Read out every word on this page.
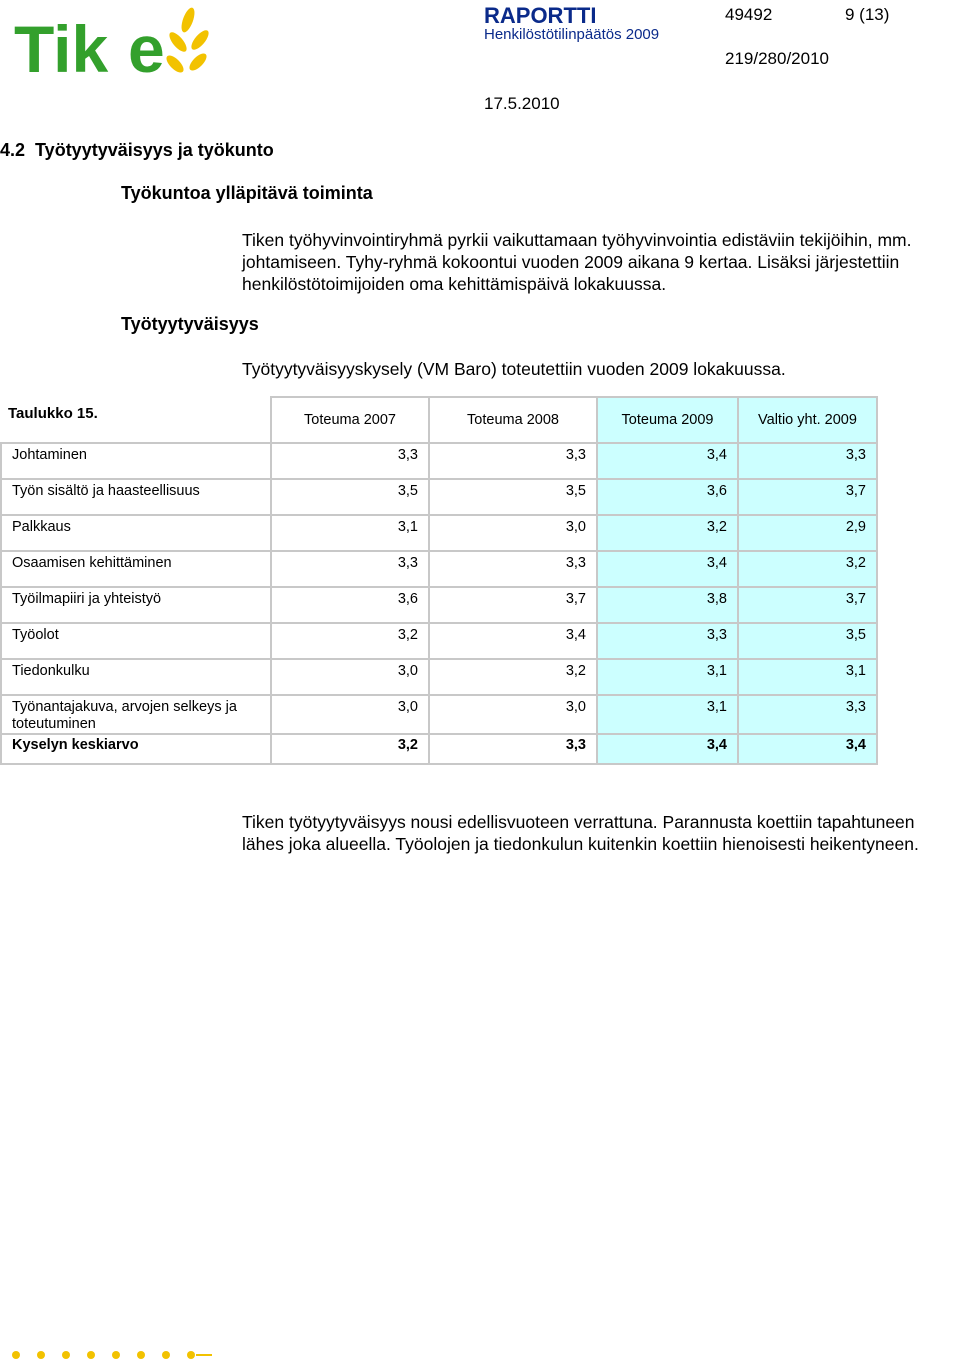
Tik e	RAPORTTI
Henkilöstötilinpäätös 2009
49492	9 (13)
219/280/2010
17.5.2010
4.2  Työtyytyväisyys ja työkunto
Työkuntoa ylläpitävä toiminta
Tiken työhyvinvointiryhmä pyrkii vaikuttamaan työhyvinvointia edistäviin tekijöihin, mm. johtamiseen. Tyhy-ryhmä kokoontui vuoden 2009 aikana 9 kertaa. Lisäksi järjestettiin henkilöstötoimijoiden oma kehittämispäivä lokakuussa.
Työtyytyväisyys
Työtyytyväisyyskysely (VM Baro) toteutettiin vuoden 2009 lokakuussa.
Taulukko 15.
		Toteuma 2007	Toteuma 2008	Toteuma 2009	Valtio yht. 2009
Johtaminen	3,3	3,3	3,4	3,3
Työn sisältö ja haasteellisuus	3,5	3,5	3,6	3,7
Palkkaus	3,1	3,0	3,2	2,9
Osaamisen kehittäminen	3,3	3,3	3,4	3,2
Työilmapiiri ja yhteistyö	3,6	3,7	3,8	3,7
Työolot	3,2	3,4	3,3	3,5
Tiedonkulku	3,0	3,2	3,1	3,1
Työnantajakuva, arvojen selkeys ja toteutuminen	3,0	3,0	3,1	3,3
Kyselyn keskiarvo	3,2	3,3	3,4	3,4
Tiken työtyytyväisyys nousi edellisvuoteen verrattuna. Parannusta koettiin tapahtuneen lähes joka alueella. Työolojen ja tiedonkulun kuitenkin koettiin hienoisesti heikentyneen.
